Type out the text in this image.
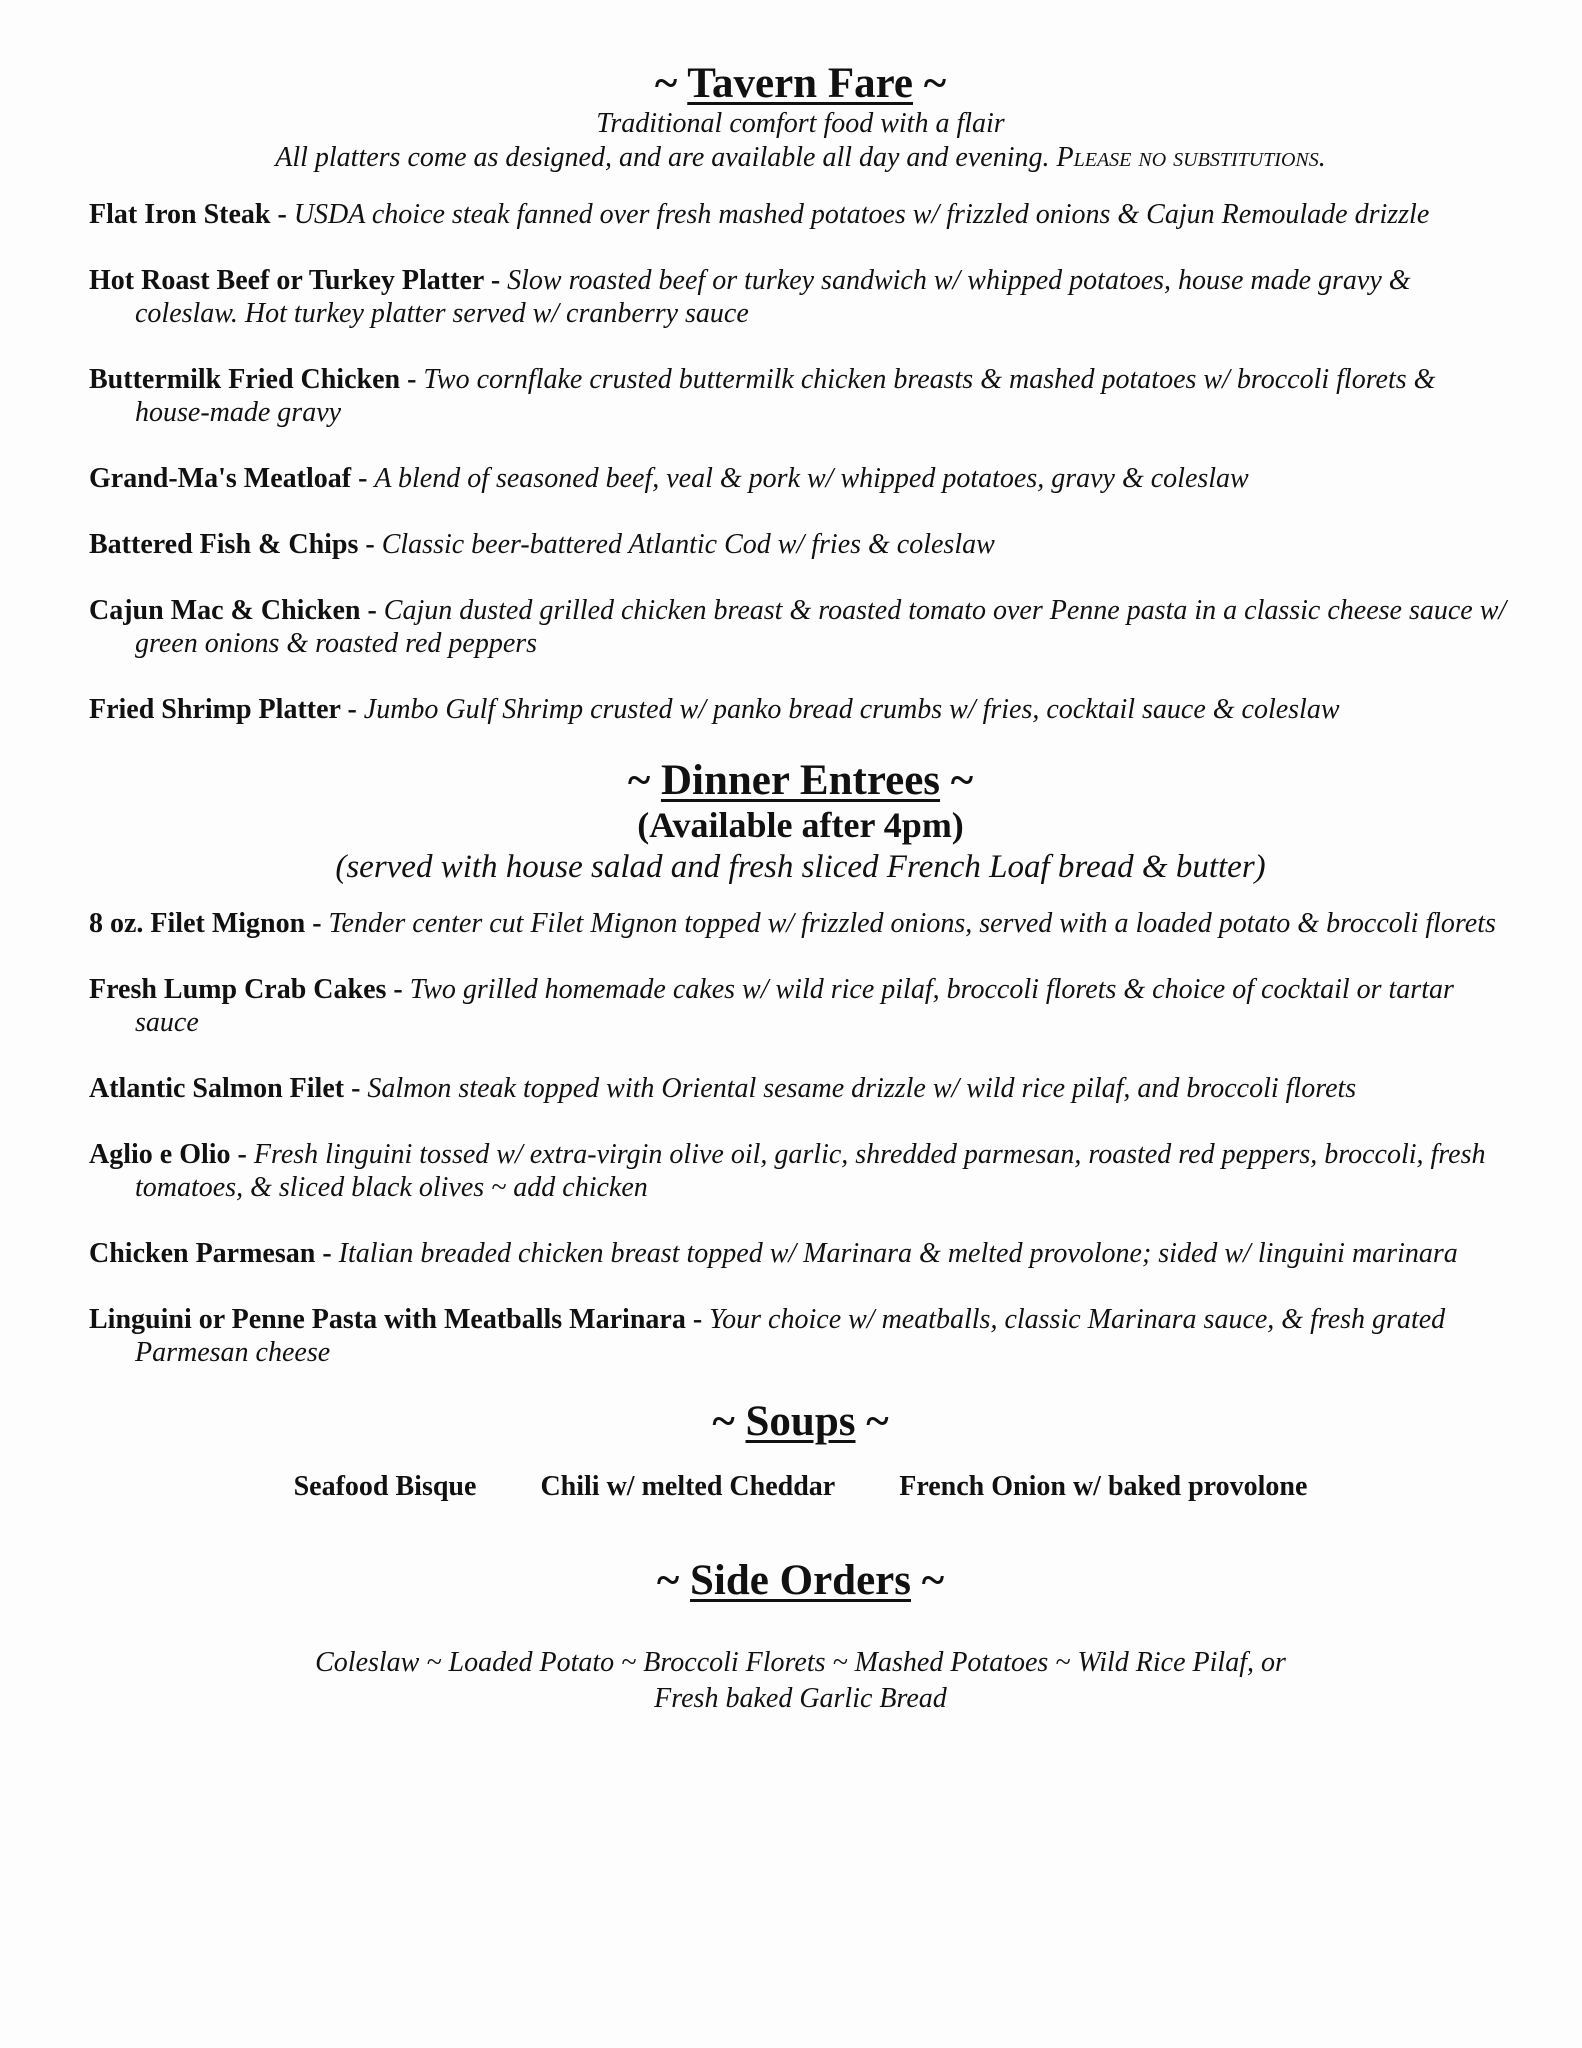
~ Tavern Fare ~
Traditional comfort food with a flair
All platters come as designed, and are available all day and evening. Please no substitutions.
Flat Iron Steak - USDA choice steak fanned over fresh mashed potatoes w/ frizzled onions & Cajun Remoulade drizzle
Hot Roast Beef or Turkey Platter - Slow roasted beef or turkey sandwich w/ whipped potatoes, house made gravy & coleslaw. Hot turkey platter served w/ cranberry sauce
Buttermilk Fried Chicken - Two cornflake crusted buttermilk chicken breasts & mashed potatoes w/ broccoli florets & house-made gravy
Grand-Ma's Meatloaf - A blend of seasoned beef, veal & pork w/ whipped potatoes, gravy & coleslaw
Battered Fish & Chips - Classic beer-battered Atlantic Cod w/ fries & coleslaw
Cajun Mac & Chicken - Cajun dusted grilled chicken breast & roasted tomato over Penne pasta in a classic cheese sauce w/ green onions & roasted red peppers
Fried Shrimp Platter - Jumbo Gulf Shrimp crusted w/ panko bread crumbs w/ fries, cocktail sauce & coleslaw
~ Dinner Entrees ~
(Available after 4pm)
(served with house salad and fresh sliced French Loaf bread & butter)
8 oz. Filet Mignon - Tender center cut Filet Mignon topped w/ frizzled onions, served with a loaded potato & broccoli florets
Fresh Lump Crab Cakes - Two grilled homemade cakes w/ wild rice pilaf, broccoli florets & choice of cocktail or tartar sauce
Atlantic Salmon Filet - Salmon steak topped with Oriental sesame drizzle w/ wild rice pilaf, and broccoli florets
Aglio e Olio - Fresh linguini tossed w/ extra-virgin olive oil, garlic, shredded parmesan, roasted red peppers, broccoli, fresh tomatoes, & sliced black olives ~ add chicken
Chicken Parmesan - Italian breaded chicken breast topped w/ Marinara & melted provolone; sided w/ linguini marinara
Linguini or Penne Pasta with Meatballs Marinara - Your choice w/ meatballs, classic Marinara sauce, & fresh grated Parmesan cheese
~ Soups ~
Seafood Bisque Chili w/ melted Cheddar French Onion w/ baked provolone
~ Side Orders ~
Coleslaw ~ Loaded Potato ~ Broccoli Florets ~ Mashed Potatoes ~ Wild Rice Pilaf, or
Fresh baked Garlic Bread
